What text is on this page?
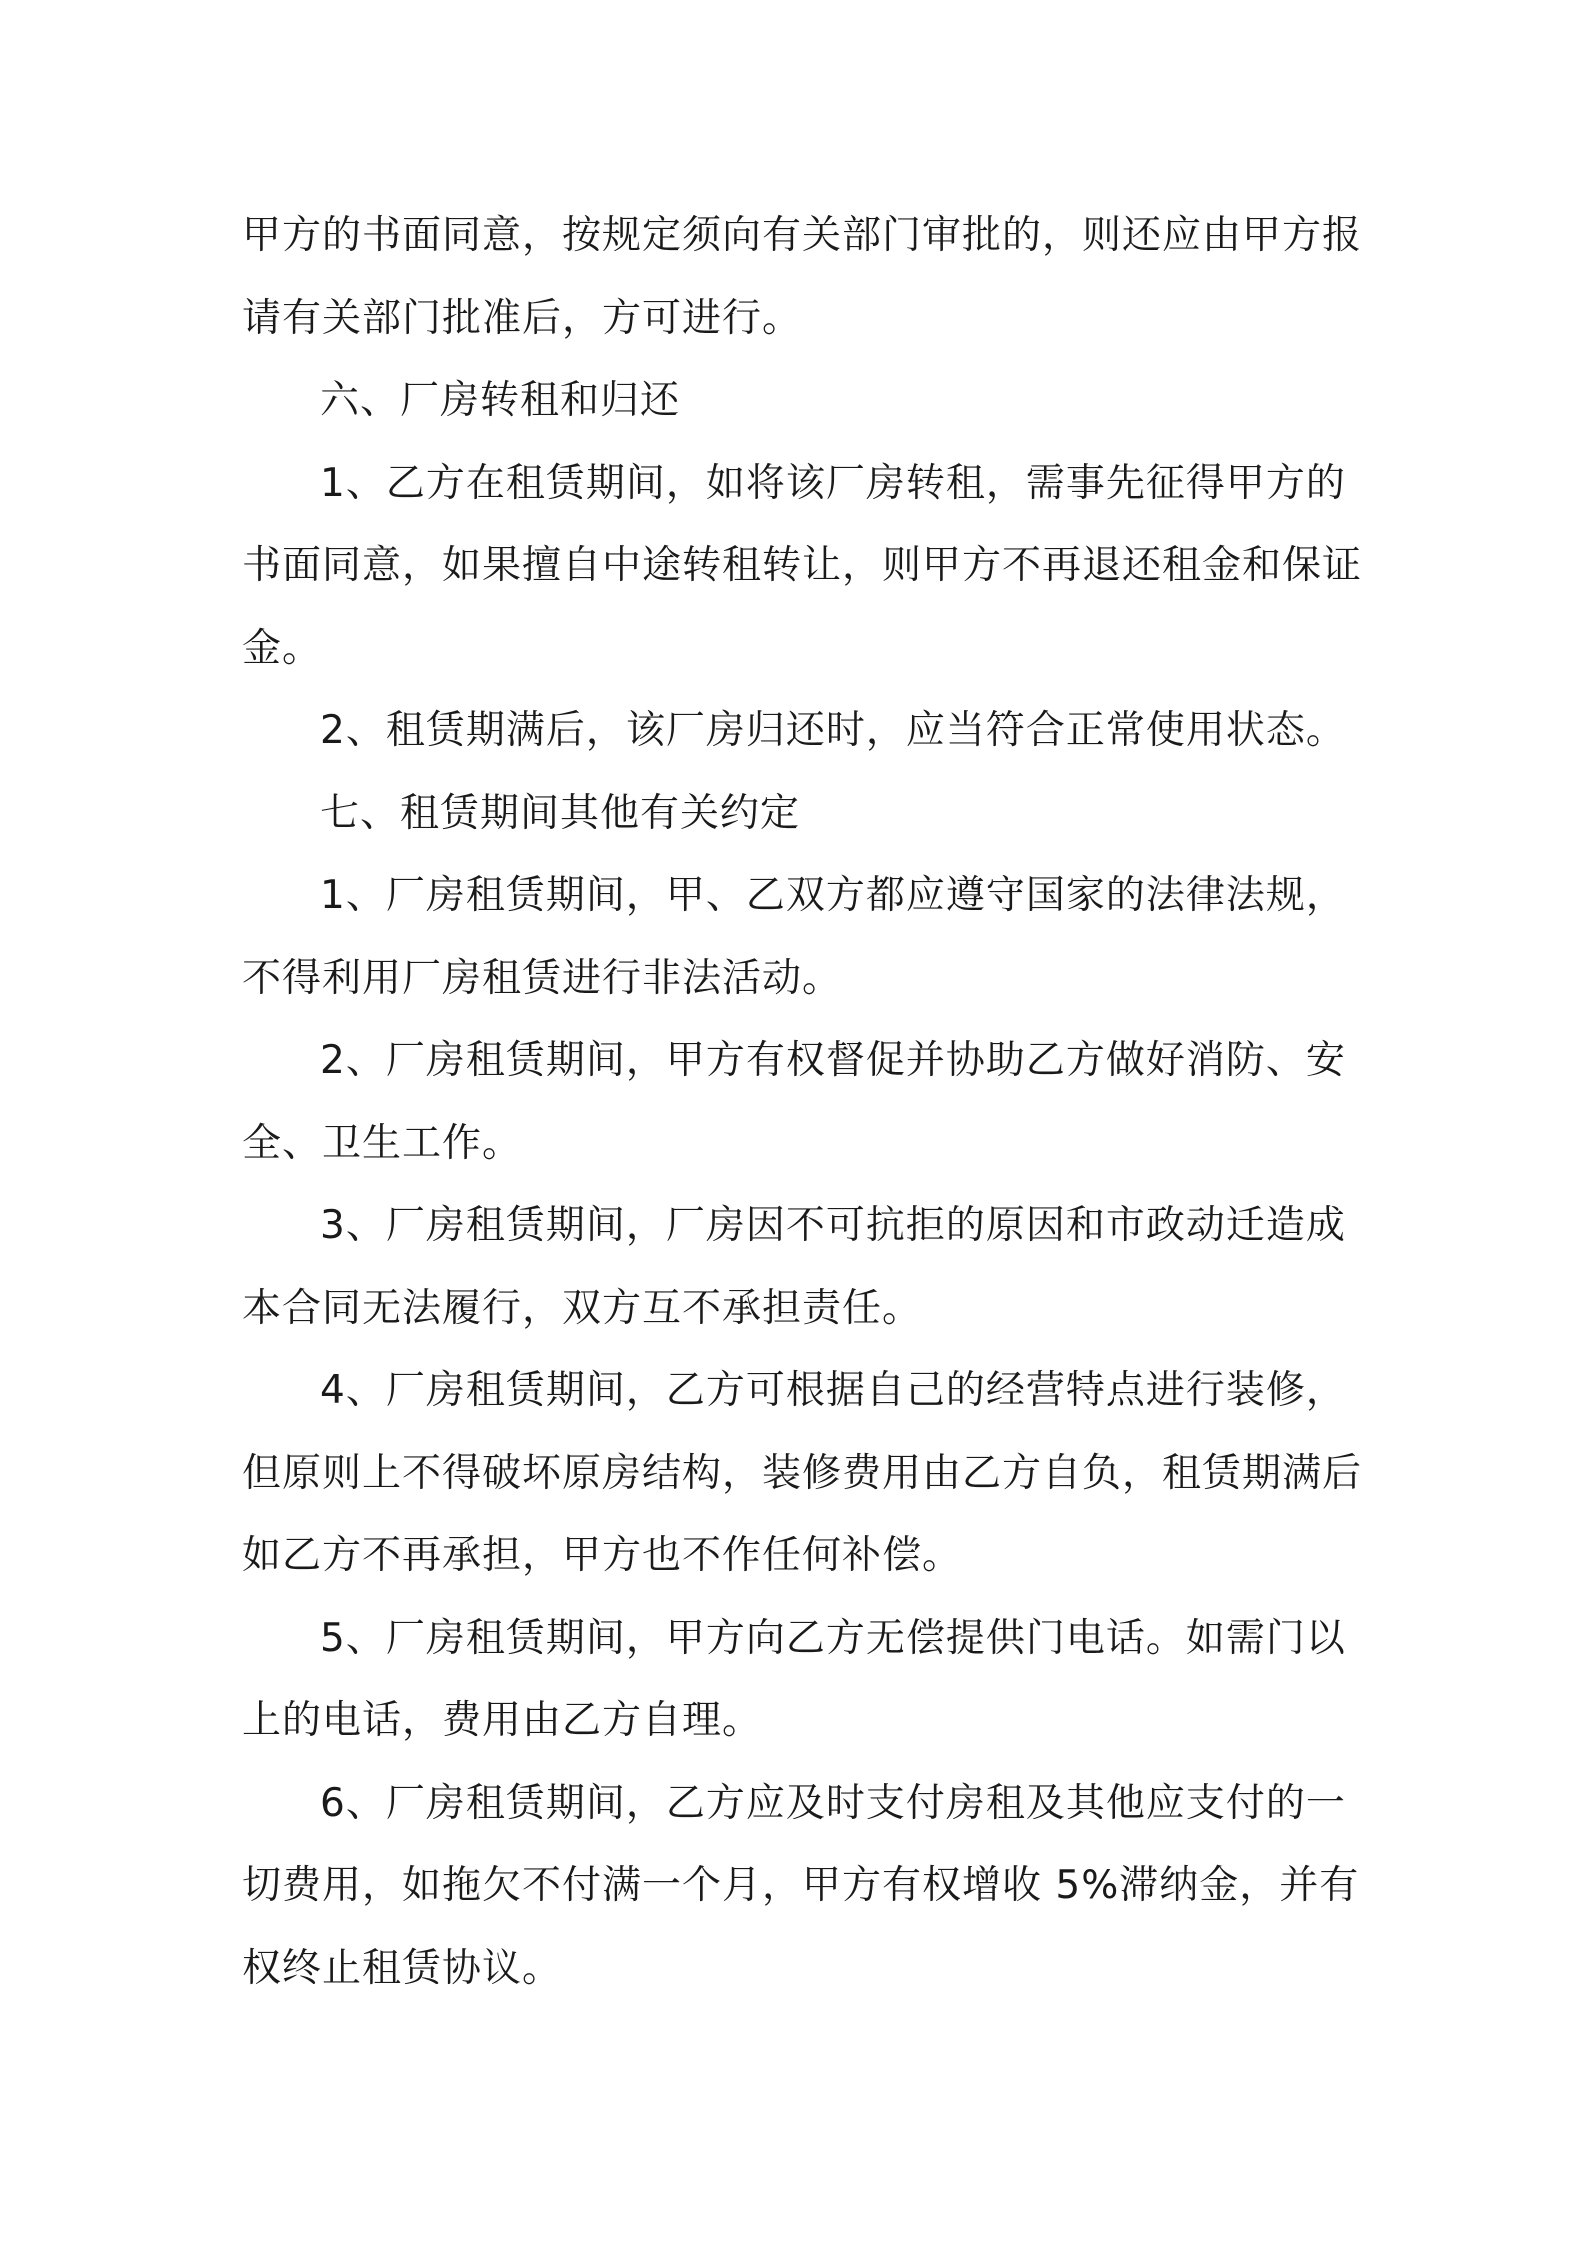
甲方的书面同意，按规定须向有关部门审批的，则还应由甲方报
请有关部门批准后，方可进行。
六、厂房转租和归还
1、乙方在租赁期间，如将该厂房转租，需事先征得甲方的
书面同意，如果擅自中途转租转让，则甲方不再退还租金和保证
金。
2、租赁期满后，该厂房归还时，应当符合正常使用状态。
七、租赁期间其他有关约定
1、厂房租赁期间，甲、乙双方都应遵守国家的法律法规，
不得利用厂房租赁进行非法活动。
2、厂房租赁期间，甲方有权督促并协助乙方做好消防、安
全、卫生工作。
3、厂房租赁期间，厂房因不可抗拒的原因和市政动迁造成
本合同无法履行，双方互不承担责任。
4、厂房租赁期间，乙方可根据自己的经营特点进行装修，
但原则上不得破坏原房结构，装修费用由乙方自负，租赁期满后
如乙方不再承担，甲方也不作任何补偿。
5、厂房租赁期间，甲方向乙方无偿提供门电话。如需门以
上的电话，费用由乙方自理。
6、厂房租赁期间，乙方应及时支付房租及其他应支付的一
切费用，如拖欠不付满一个月，甲方有权增收 5%滞纳金，并有
权终止租赁协议。
